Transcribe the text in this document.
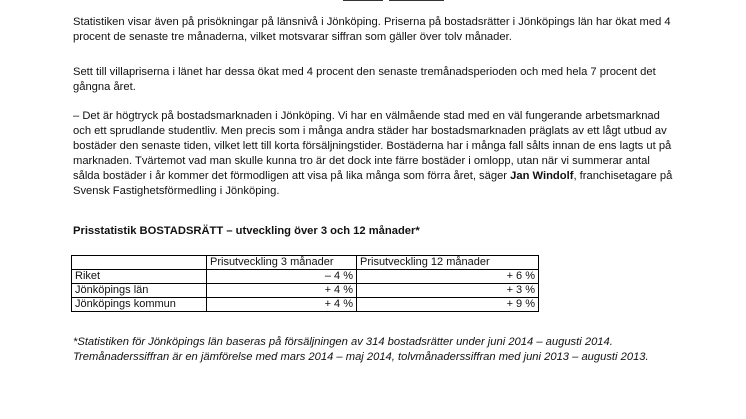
Statistiken visar även på prisökningar på länsnivå i Jönköping. Priserna på bostadsrätter i Jönköpings län har ökat med 4 procent de senaste tre månaderna, vilket motsvarar siffran som gäller över tolv månader.

Sett till villapriserna i länet har dessa ökat med 4 procent den senaste tremånadsperioden och med hela 7 procent det gångna året.

– Det är högtryck på bostadsmarknaden i Jönköping. Vi har en välmående stad med en väl fungerande arbetsmarknad och ett sprudlande studentliv. Men precis som i många andra städer har bostadsmarknaden präglats av ett lågt utbud av bostäder den senaste tiden, vilket lett till korta försäljningstider. Bostäderna har i många fall sålts innan de ens lagts ut på marknaden. Tvärtemot vad man skulle kunna tro är det dock inte färre bostäder i omlopp, utan när vi summerar antal sålda bostäder i år kommer det förmodligen att visa på lika många som förra året, säger Jan Windolf, franchisetagare på Svensk Fastighetsförmedling i Jönköping.

Prisstatistik BOSTADSRÄTT – utveckling över 3 och 12 månader*

	Prisutveckling 3 månader	Prisutveckling 12 månader
Riket	– 4 %	+ 6 %
Jönköpings län	+ 4 %	+ 3 %
Jönköpings kommun	+ 4 %	+ 9 %

*Statistiken för Jönköpings län baseras på försäljningen av 314 bostadsrätter under juni 2014 – augusti 2014. Tremånaderssiffran är en jämförelse med mars 2014 – maj 2014, tolvmånaderssiffran med juni 2013 – augusti 2013.
